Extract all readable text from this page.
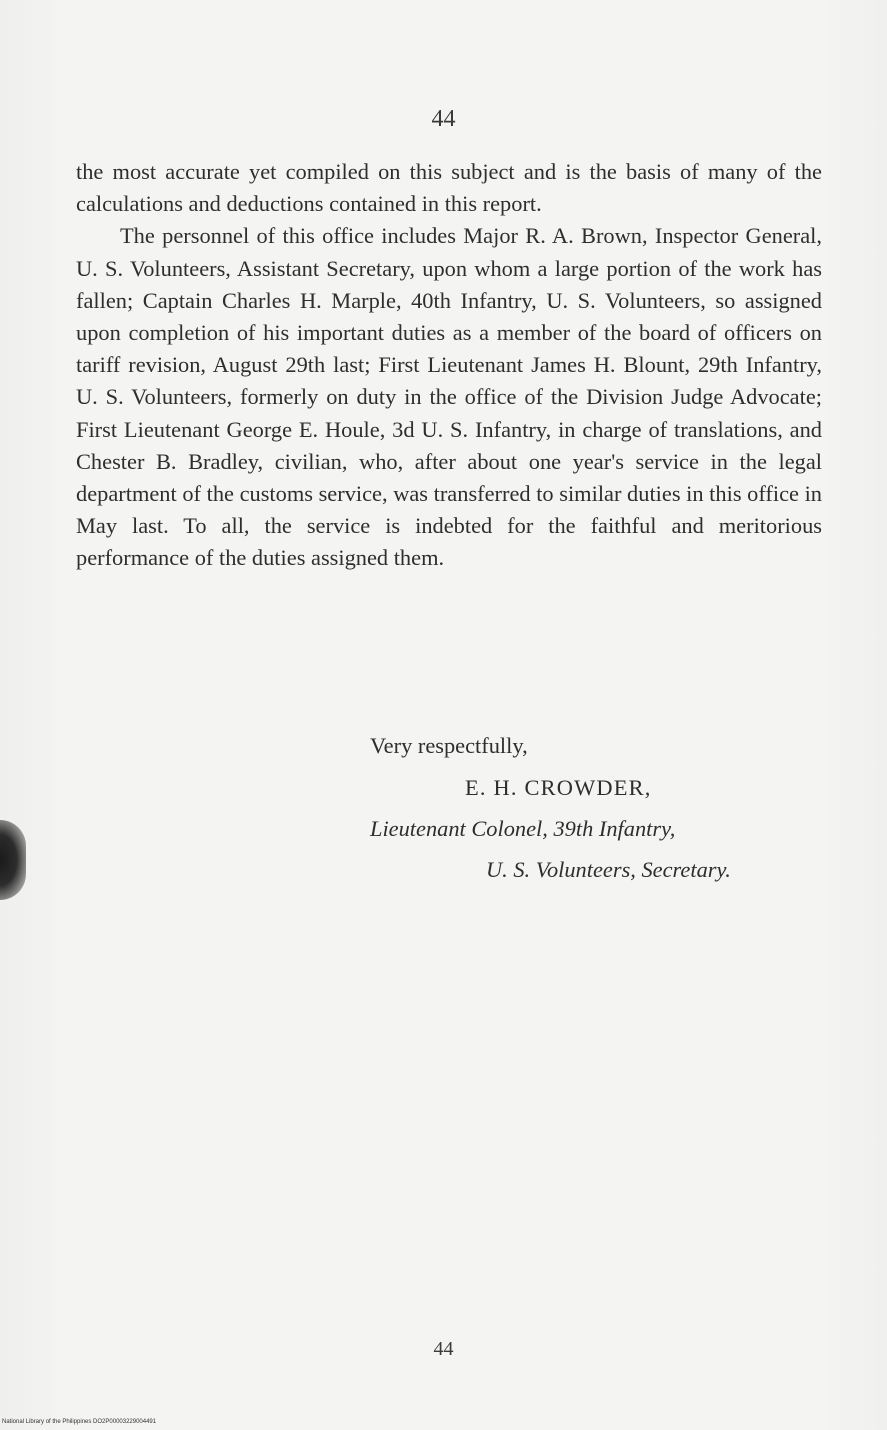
44

the most accurate yet compiled on this subject and is the basis of many of the calculations and deductions contained in this report.

The personnel of this office includes Major R. A. Brown, Inspector General, U. S. Volunteers, Assistant Secretary, upon whom a large portion of the work has fallen; Captain Charles H. Marple, 40th Infantry, U. S. Volunteers, so assigned upon completion of his important duties as a member of the board of officers on tariff revision, August 29th last; First Lieutenant James H. Blount, 29th Infantry, U. S. Volunteers, formerly on duty in the office of the Division Judge Advocate; First Lieutenant George E. Houle, 3d U. S. Infantry, in charge of translations, and Chester B. Bradley, civilian, who, after about one year's service in the legal department of the customs service, was transferred to similar duties in this office in May last. To all, the service is indebted for the faithful and meritorious performance of the duties assigned them.

Very respectfully,
E. H. CROWDER,
Lieutenant Colonel, 39th Infantry,
U. S. Volunteers, Secretary.
44
National Library of the Philippines DO2P00003229004491
